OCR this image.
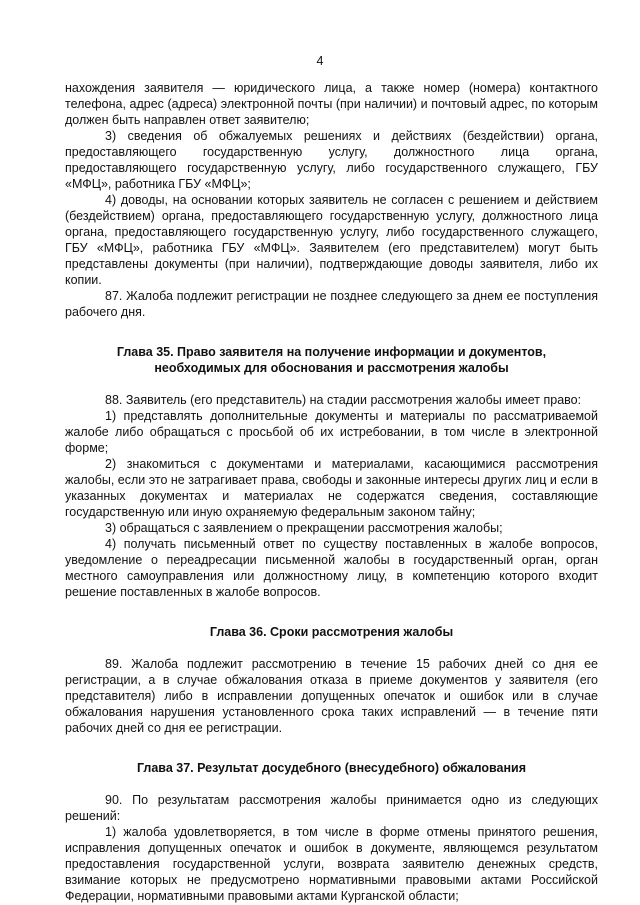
4

нахождения заявителя — юридического лица, а также номер (номера) контактного телефона, адрес (адреса) электронной почты (при наличии) и почтовый адрес, по которым должен быть направлен ответ заявителю;

3) сведения об обжалуемых решениях и действиях (бездействии) органа, предоставляющего государственную услугу, должностного лица органа, предоставляющего государственную услугу, либо государственного служащего, ГБУ «МФЦ», работника ГБУ «МФЦ»;

4) доводы, на основании которых заявитель не согласен с решением и действием (бездействием) органа, предоставляющего государственную услугу, должностного лица органа, предоставляющего государственную услугу, либо государственного служащего, ГБУ «МФЦ», работника ГБУ «МФЦ». Заявителем (его представителем) могут быть представлены документы (при наличии), подтверждающие доводы заявителя, либо их копии.

87. Жалоба подлежит регистрации не позднее следующего за днем ее поступления рабочего дня.

Глава 35. Право заявителя на получение информации и документов,
необходимых для обоснования и рассмотрения жалобы

88. Заявитель (его представитель) на стадии рассмотрения жалобы имеет право:

1) представлять дополнительные документы и материалы по рассматриваемой жалобе либо обращаться с просьбой об их истребовании, в том числе в электронной форме;

2) знакомиться с документами и материалами, касающимися рассмотрения жалобы, если это не затрагивает права, свободы и законные интересы других лиц и если в указанных документах и материалах не содержатся сведения, составляющие государственную или иную охраняемую федеральным законом тайну;

3) обращаться с заявлением о прекращении рассмотрения жалобы;

4) получать письменный ответ по существу поставленных в жалобе вопросов, уведомление о переадресации письменной жалобы в государственный орган, орган местного самоуправления или должностному лицу, в компетенцию которого входит решение поставленных в жалобе вопросов.

Глава 36. Сроки рассмотрения жалобы

89. Жалоба подлежит рассмотрению в течение 15 рабочих дней со дня ее регистрации, а в случае обжалования отказа в приеме документов у заявителя (его представителя) либо в исправлении допущенных опечаток и ошибок или в случае обжалования нарушения установленного срока таких исправлений — в течение пяти рабочих дней со дня ее регистрации.

Глава 37. Результат досудебного (внесудебного) обжалования

90. По результатам рассмотрения жалобы принимается одно из следующих решений:

1) жалоба удовлетворяется, в том числе в форме отмены принятого решения, исправления допущенных опечаток и ошибок в документе, являющемся результатом предоставления государственной услуги, возврата заявителю денежных средств, взимание которых не предусмотрено нормативными правовыми актами Российской Федерации, нормативными правовыми актами Курганской области;
